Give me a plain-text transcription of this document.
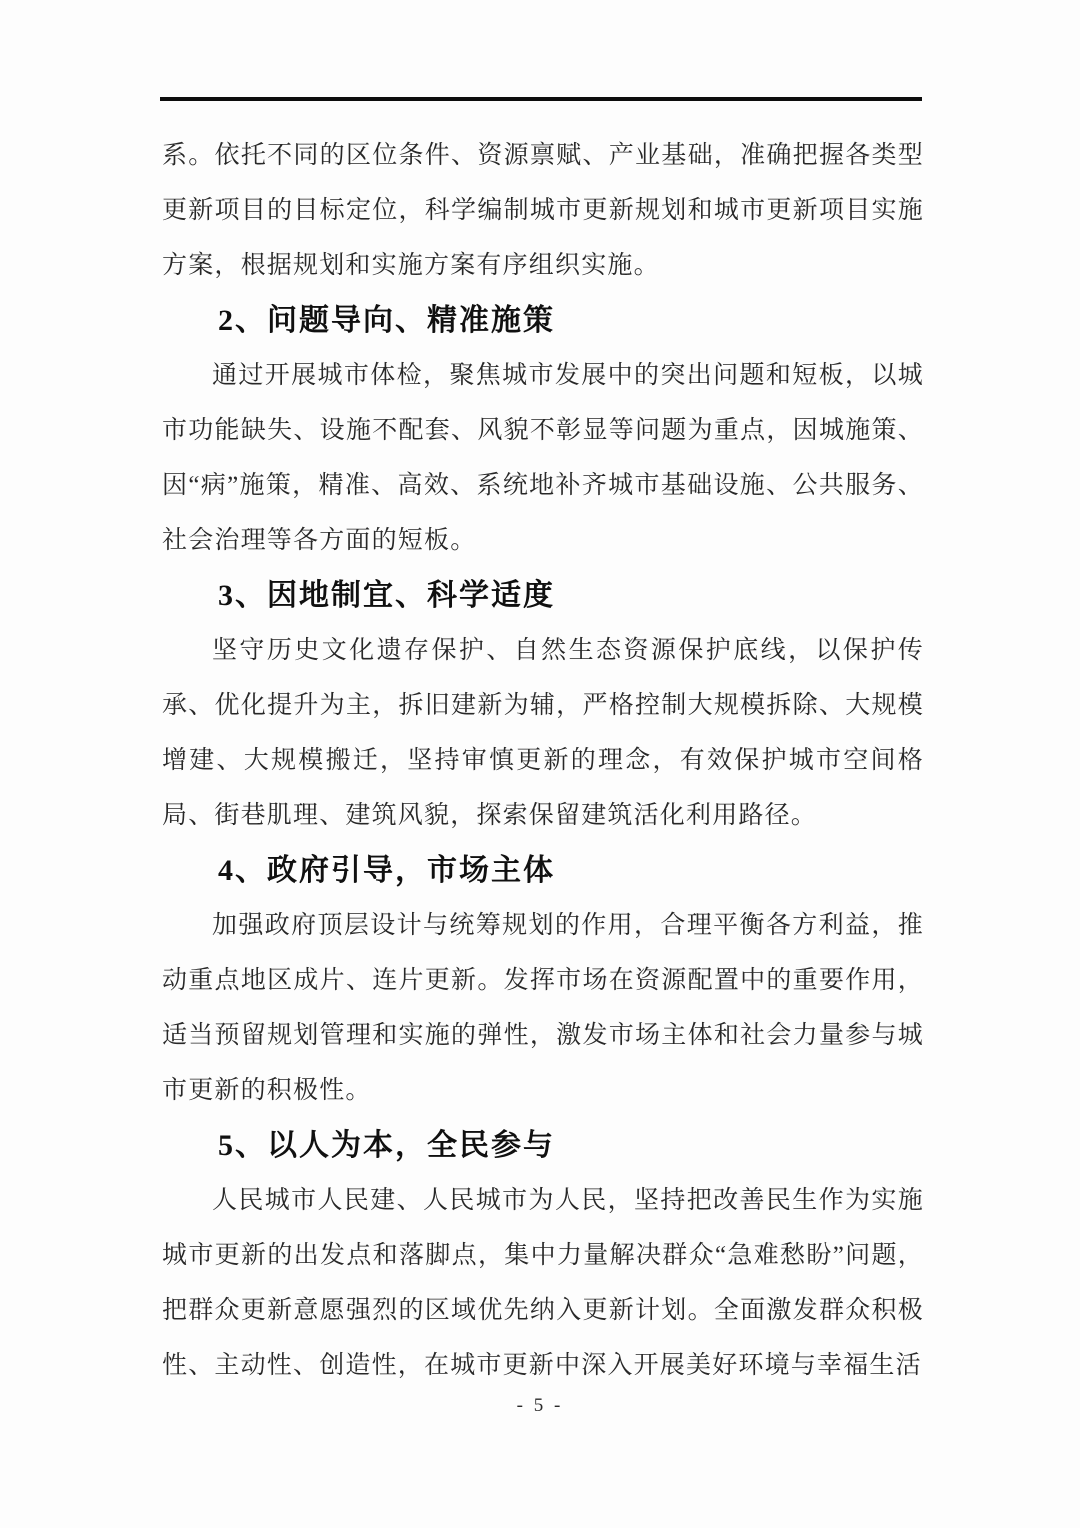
系。依托不同的区位条件、资源禀赋、产业基础，准确把握各类型更新项目的目标定位，科学编制城市更新规划和城市更新项目实施方案，根据规划和实施方案有序组织实施。

2、问题导向、精准施策

通过开展城市体检，聚焦城市发展中的突出问题和短板，以城市功能缺失、设施不配套、风貌不彰显等问题为重点，因城施策、因“病”施策，精准、高效、系统地补齐城市基础设施、公共服务、社会治理等各方面的短板。

3、因地制宜、科学适度

坚守历史文化遗存保护、自然生态资源保护底线，以保护传承、优化提升为主，拆旧建新为辅，严格控制大规模拆除、大规模增建、大规模搬迁，坚持审慎更新的理念，有效保护城市空间格局、街巷肌理、建筑风貌，探索保留建筑活化利用路径。

4、政府引导，市场主体

加强政府顶层设计与统筹规划的作用，合理平衡各方利益，推动重点地区成片、连片更新。发挥市场在资源配置中的重要作用，适当预留规划管理和实施的弹性，激发市场主体和社会力量参与城市更新的积极性。

5、以人为本，全民参与

人民城市人民建、人民城市为人民，坚持把改善民生作为实施城市更新的出发点和落脚点，集中力量解决群众“急难愁盼”问题，把群众更新意愿强烈的区域优先纳入更新计划。全面激发群众积极性、主动性、创造性，在城市更新中深入开展美好环境与幸福生活

- 5 -
